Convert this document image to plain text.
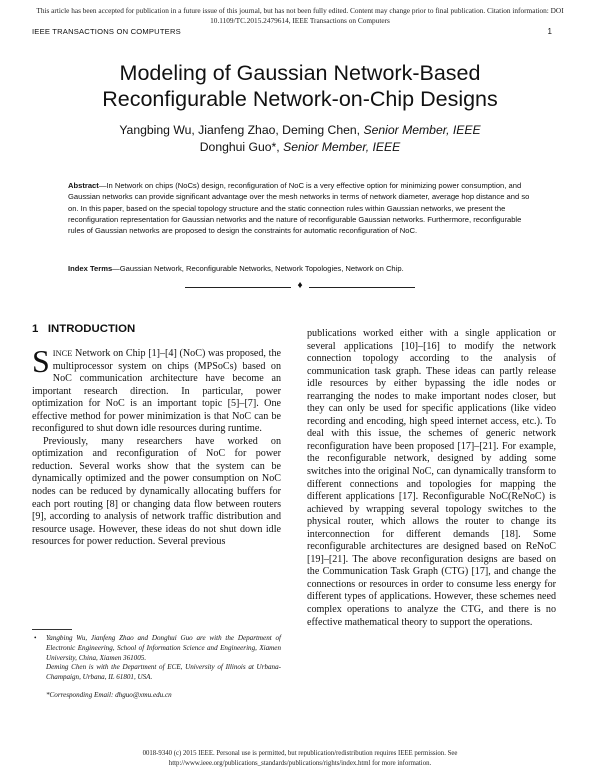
This article has been accepted for publication in a future issue of this journal, but has not been fully edited. Content may change prior to final publication. Citation information: DOI 10.1109/TC.2015.2479614, IEEE Transactions on Computers
IEEE TRANSACTIONS ON COMPUTERS	1
Modeling of Gaussian Network-Based
Reconfigurable Network-on-Chip Designs
Yangbing Wu, Jianfeng Zhao, Deming Chen, Senior Member, IEEE
Donghui Guo*, Senior Member, IEEE
Abstract—In Network on chips (NoCs) design, reconfiguration of NoC is a very effective option for minimizing power consumption, and Gaussian networks can provide significant advantage over the mesh networks in terms of network diameter, average hop distance and so on. In this paper, based on the special topology structure and the static connection rules within Gaussian networks, we present the reconfiguration representation for Gaussian networks and the nature of reconfigurable Gaussian networks. Furthermore, reconfigurable rules of Gaussian networks are proposed to design the constraints for automatic reconfiguration of NoC.
Index Terms—Gaussian Network, Reconfigurable Networks, Network Topologies, Network on Chip.
♦
1 INTRODUCTION

SINCE Network on Chip [1]–[4] (NoC) was proposed, the multiprocessor system on chips (MPSoCs) based on NoC communication architecture have become an important research direction. In particular, power optimization for NoC is an important topic [5]–[7]. One effective method for power minimization is that NoC can be reconfigured to shut down idle resources during runtime.

Previously, many researchers have worked on optimization and reconfiguration of NoC for power reduction. Several works show that the system can be dynamically optimized and the power consumption on NoC nodes can be reduced by dynamically allocating buffers for each port routing [8] or changing data flow between routers [9], according to analysis of network traffic distribution and resource usage. However, these ideas do not shut down idle resources for power reduction. Several previous

publications worked either with a single application or several applications [10]–[16] to modify the network connection topology according to the analysis of communication task graph. These ideas can partly release idle resources by either bypassing the idle nodes or rearranging the nodes to make important nodes closer, but they can only be used for specific applications (like video recording and encoding, high speed internet access, etc.). To deal with this issue, the schemes of generic network reconfiguration have been proposed [17]–[21]. For example, the reconfigurable network, designed by adding some switches into the original NoC, can dynamically transform to different connections and topologies for mapping the different applications [17]. Reconfigurable NoC(ReNoC) is achieved by wrapping several topology switches to the physical router, which allows the router to change its interconnection for different demands [18]. Some reconfigurable architectures are designed based on ReNoC [19]–[21]. The above reconfiguration designs are based on the Communication Task Graph (CTG) [17], and change the connections or resources in order to consume less energy for different types of applications. However, these schemes need complex operations to analyze the CTG, and there is no effective mathematical theory to support the operations.

• Yangbing Wu, Jianfeng Zhao and Donghui Guo are with the Department of Electronic Engineering, School of Information Science and Engineering, Xiamen University, China, Xiamen 361005.
Deming Chen is with the Department of ECE, University of Illinois at Urbana-Champaign, Urbana, IL 61801, USA.
*Corresponding Email: dhguo@xmu.edu.cn
0018-9340 (c) 2015 IEEE. Personal use is permitted, but republication/redistribution requires IEEE permission. See
http://www.ieee.org/publications_standards/publications/rights/index.html for more information.
